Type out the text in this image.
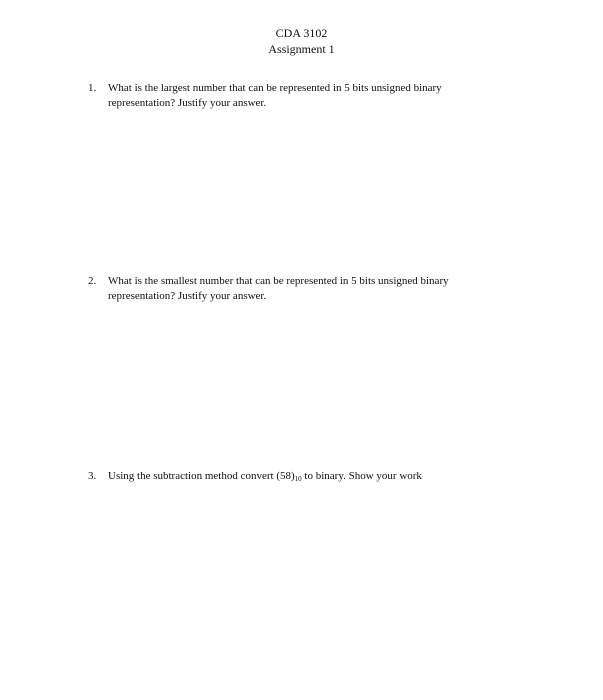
CDA 3102
Assignment 1
1. What is the largest number that can be represented in 5 bits unsigned binary representation? Justify your answer.
2. What is the smallest number that can be represented in 5 bits unsigned binary representation? Justify your answer.
3. Using the subtraction method convert $(58)_{10}$ to binary. Show your work
